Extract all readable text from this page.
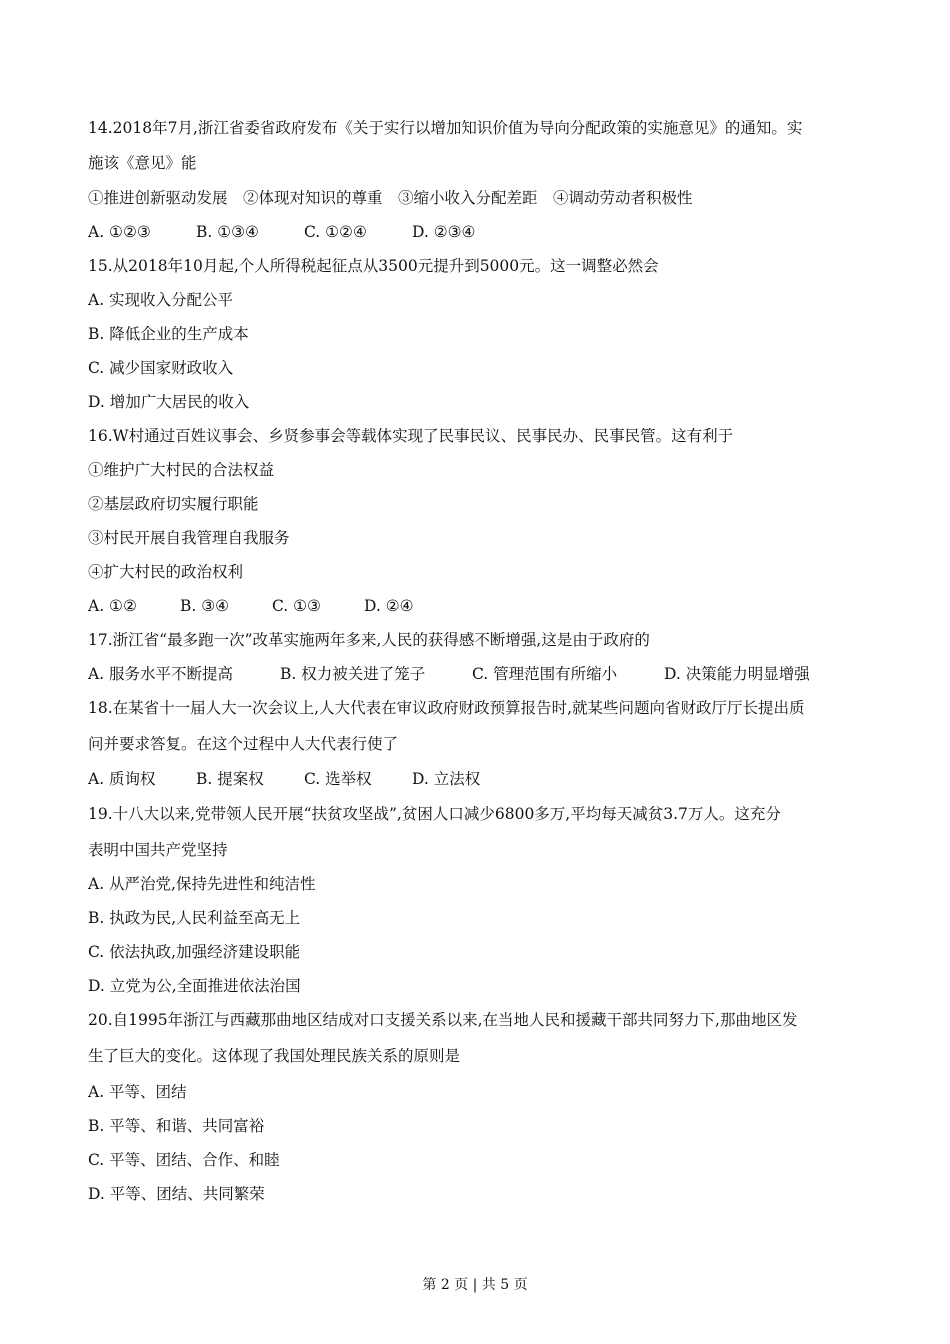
14.2018年7月,浙江省委省政府发布《关于实行以增加知识价值为导向分配政策的实施意见》的通知。实
施该《意见》能
①推进创新驱动发展　②体现对知识的尊重　③缩小收入分配差距　④调动劳动者积极性
A. ①②③	B. ①③④	C. ①②④	D. ②③④
15.从2018年10月起,个人所得税起征点从3500元提升到5000元。这一调整必然会
A. 实现收入分配公平
B. 降低企业的生产成本
C. 减少国家财政收入
D. 增加广大居民的收入
16.W村通过百姓议事会、乡贤参事会等载体实现了民事民议、民事民办、民事民管。这有利于
①维护广大村民的合法权益
②基层政府切实履行职能
③村民开展自我管理自我服务
④扩大村民的政治权利
A. ①②	B. ③④	C. ①③	D. ②④
17.浙江省“最多跑一次”改革实施两年多来,人民的获得感不断增强,这是由于政府的
A. 服务水平不断提高	B. 权力被关进了笼子	C. 管理范围有所缩小	D. 决策能力明显增强
18.在某省十一届人大一次会议上,人大代表在审议政府财政预算报告时,就某些问题向省财政厅厅长提出质
问并要求答复。在这个过程中人大代表行使了
A. 质询权	B. 提案权	C. 选举权	D. 立法权
19.十八大以来,党带领人民开展“扶贫攻坚战”,贫困人口减少6800多万,平均每天减贫3.7万人。这充分
表明中国共产党坚持
A. 从严治党,保持先进性和纯洁性
B. 执政为民,人民利益至高无上
C. 依法执政,加强经济建设职能
D. 立党为公,全面推进依法治国
20.自1995年浙江与西藏那曲地区结成对口支援关系以来,在当地人民和援藏干部共同努力下,那曲地区发
生了巨大的变化。这体现了我国处理民族关系的原则是
A. 平等、团结
B. 平等、和谐、共同富裕
C. 平等、团结、合作、和睦
D. 平等、团结、共同繁荣
第 2 页 | 共 5 页
